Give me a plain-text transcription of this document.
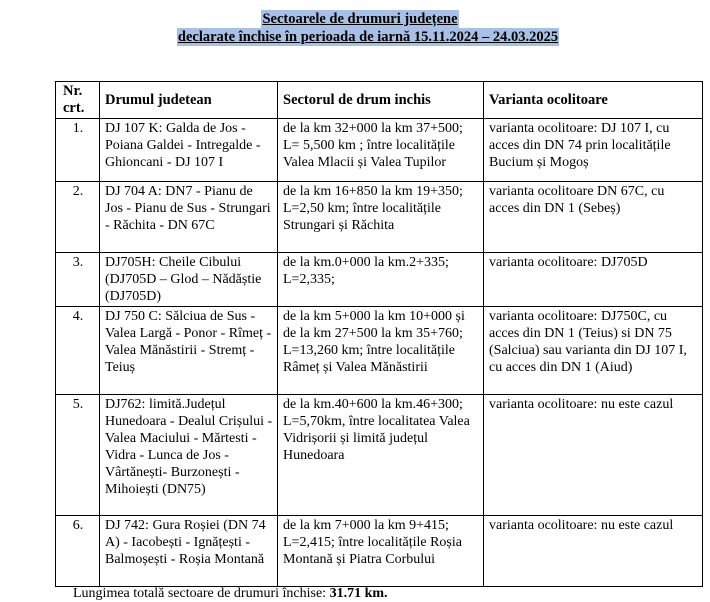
Sectoarele de drumuri județene
declarate închise în perioada de iarnă 15.11.2024 – 24.03.2025
Nr. crt.	Drumul judetean	Sectorul de drum inchis	Varianta ocolitoare
1.	DJ 107 K: Galda de Jos - Poiana Galdei - Intregalde - Ghioncani - DJ 107 I	de la km 32+000 la km 37+500; L= 5,500 km ; între localitățile Valea Mlacii și Valea Tupilor	varianta ocolitoare: DJ 107 I, cu acces din DN 74 prin localitățile Bucium și Mogoș
2.	DJ 704 A: DN7 - Pianu de Jos - Pianu de Sus - Strungari - Răchita - DN 67C	de la km 16+850 la km 19+350; L=2,50 km; între localitățile Strungari și Răchita	varianta ocolitoare DN 67C, cu acces din DN 1 (Sebeș)
3.	DJ705H: Cheile Cibului (DJ705D – Glod – Nădăștie (DJ705D)	de la km.0+000 la km.2+335; L=2,335;	varianta ocolitoare: DJ705D
4.	DJ 750 C: Sălciua de Sus - Valea Largă - Ponor - Rîmeț - Valea Mănăstirii - Stremț - Teiuș	de la km 5+000 la km 10+000 și de la km 27+500 la km 35+760; L=13,260 km; între localitățile Râmeț și Valea Mănăstirii	varianta ocolitoare: DJ750C, cu acces din DN 1 (Teius) si DN 75 (Salciua) sau varianta din DJ 107 I, cu acces din DN 1 (Aiud)
5.	DJ762: limită.Județul Hunedoara - Dealul Crișului - Valea Maciului - Mărtesti - Vidra - Lunca de Jos - Vârtănești- Burzonești - Mihoiești (DN75)	de la km.40+600 la km.46+300; L=5,70km, între localitatea Valea Vidrișorii și limită județul Hunedoara	varianta ocolitoare: nu este cazul
6.	DJ 742: Gura Roșiei (DN 74 A) - Iacobești - Ignățești - Balmoșești - Roșia Montană	de la km 7+000 la km 9+415; L=2,415; între localitățile Roșia Montană și Piatra Corbului	varianta ocolitoare: nu este cazul
Lungimea totală sectoare de drumuri închise: 31.71 km.
